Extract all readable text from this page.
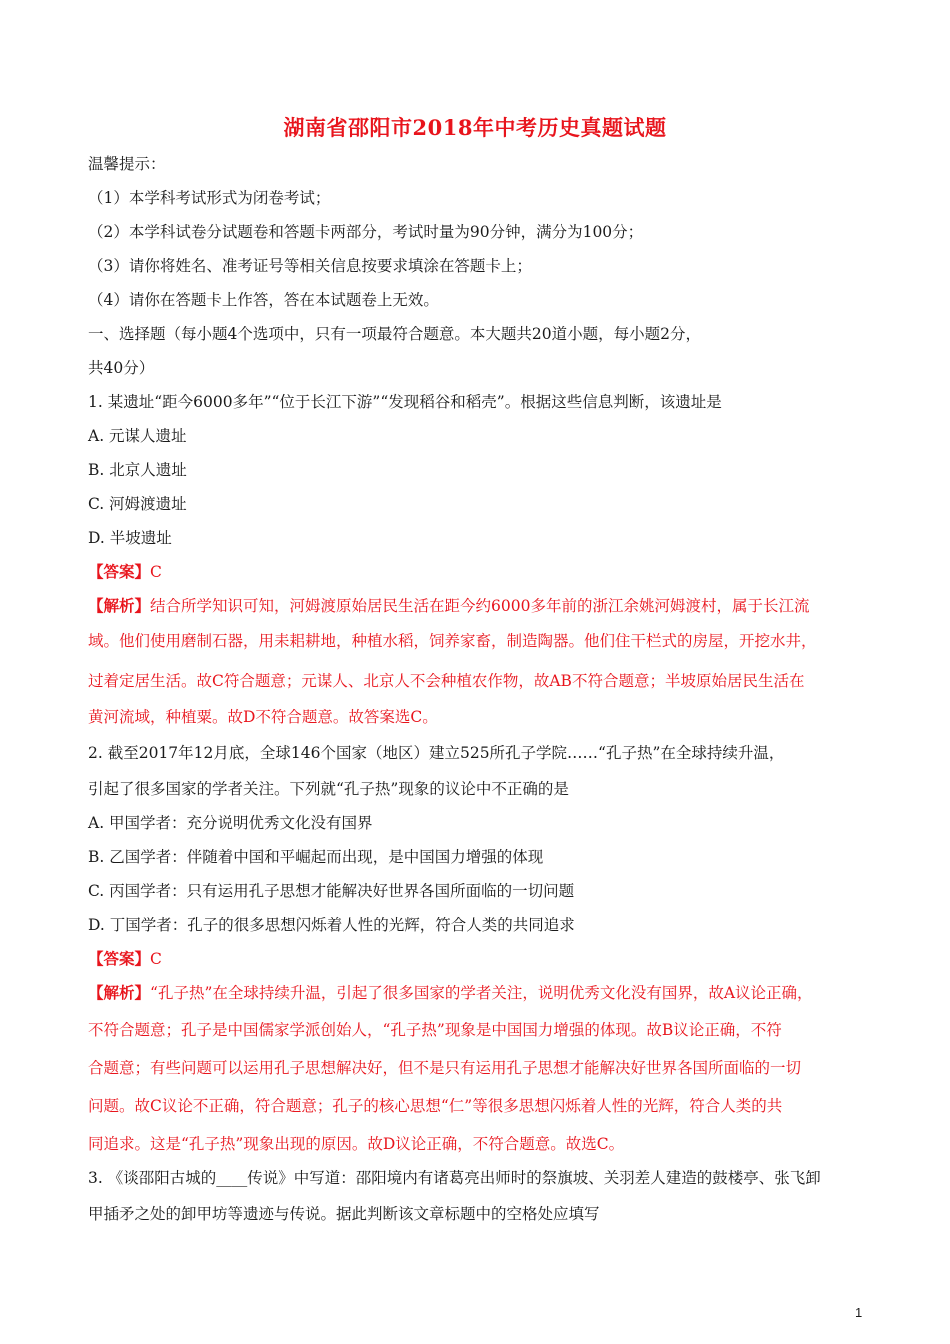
湖南省邵阳市2018年中考历史真题试题
温馨提示：
（1）本学科考试形式为闭卷考试；
（2）本学科试卷分试题卷和答题卡两部分，考试时量为90分钟，满分为100分；
（3）请你将姓名、准考证号等相关信息按要求填涂在答题卡上；
（4）请你在答题卡上作答，答在本试题卷上无效。
一、选择题（每小题4个选项中，只有一项最符合题意。本大题共20道小题，每小题2分，
共40分）
1. 某遗址“距今6000多年”“位于长江下游”“发现稻谷和稻壳”。根据这些信息判断，该遗址是
A. 元谋人遗址
B. 北京人遗址
C. 河姆渡遗址
D. 半坡遗址
【答案】C
【解析】结合所学知识可知，河姆渡原始居民生活在距今约6000多年前的浙江余姚河姆渡村，属于长江流
域。他们使用磨制石器，用耒耜耕地，种植水稻，饲养家畜，制造陶器。他们住干栏式的房屋，开挖水井，
过着定居生活。故C符合题意；元谋人、北京人不会种植农作物，故AB不符合题意；半坡原始居民生活在
黄河流域，种植粟。故D不符合题意。故答案选C。
2. 截至2017年12月底，全球146个国家（地区）建立525所孔子学院……“孔子热”在全球持续升温，
引起了很多国家的学者关注。下列就“孔子热”现象的议论中不正确的是
A. 甲国学者：充分说明优秀文化没有国界
B. 乙国学者：伴随着中国和平崛起而出现，是中国国力增强的体现
C. 丙国学者：只有运用孔子思想才能解决好世界各国所面临的一切问题
D. 丁国学者：孔子的很多思想闪烁着人性的光辉，符合人类的共同追求
【答案】C
【解析】“孔子热”在全球持续升温，引起了很多国家的学者关注，说明优秀文化没有国界，故A议论正确，
不符合题意；孔子是中国儒家学派创始人，“孔子热”现象是中国国力增强的体现。故B议论正确，不符
合题意；有些问题可以运用孔子思想解决好，但不是只有运用孔子思想才能解决好世界各国所面临的一切
问题。故C议论不正确，符合题意；孔子的核心思想“仁”等很多思想闪烁着人性的光辉，符合人类的共
同追求。这是“孔子热”现象出现的原因。故D议论正确，不符合题意。故选C。
3. 《谈邵阳古城的____传说》中写道：邵阳境内有诸葛亮出师时的祭旗坡、关羽差人建造的鼓楼亭、张飞卸
甲插矛之处的卸甲坊等遗迹与传说。据此判断该文章标题中的空格处应填写
1
